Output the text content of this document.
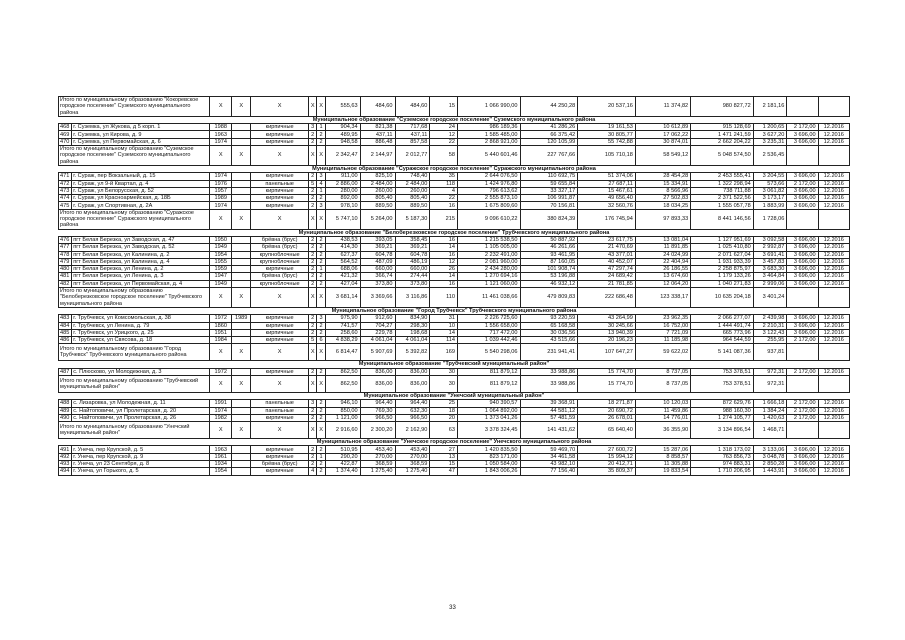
Итого по муниципальному образованию "Кокоревское городское поселение" Суземского муниципального района		X	X	X	X	X	555,63	484,60	484,60	15	1 066 990,00	44 250,28	20 537,16	11 374,82	980 827,72	2 181,16		
Муниципальное образование "Суземское городское поселение" Суземского муниципального района																		
468	г. Суземка, ул Жукова, д 5 корп. 1	1988		кирпичные	3	1	904,34	821,38	717,68	24	986 189,36	41 286,26	19 161,53	10 612,89	915 128,69	1 200,65	2 172,00	12.2016
469	г. Суземка, ул Кирова, д. 9	1963		кирпичные	2	2	489,95	437,11	437,11	12	1 585 485,00	66 375,42	30 805,77	17 062,22	1 471 241,59	3 627,20	3 696,00	12.2016
470	г. Суземка, ул Первомайская, д. 6	1974		кирпичные	2	2	948,58	886,48	857,58	22	2 868 921,00	120 105,99	55 742,88	30 874,01	2 662 204,22	3 235,31	3 696,00	12.2016
Итого по муниципальному образованию "Суземское городское поселение" Суземского муниципального района		X	X	X	X	X	2 342,47	2 144,97	2 012,77	58	5 440 601,46	227 767,66	105 710,18	58 549,12	5 048 574,50	2 536,45		
Муниципальное образование "Суражское городское поселение" Суражского муниципального района																		
471	г. Сураж, пер Вокзальный, д. 15	1974		кирпичные	2	3	911,00	825,10	748,40	35	2 644 076,50	110 692,75	51 374,06	28 454,28	2 453 555,41	3 204,55	3 696,00	12.2016
472	г. Сураж, ул 9-й Квартал, д. 4	1976		панельные	5	4	2 886,00	2 484,00	2 484,00	118	1 424 976,80	59 655,84	27 687,11	15 334,91	1 322 298,94	573,66	2 172,00	12.2016
473	г. Сураж, ул Белорусская, д. 52	1957		кирпичные	2	1	280,00	260,00	260,00	4	796 613,62	33 327,17	15 467,61	8 566,96	738 711,88	3 061,82	3 696,00	12.2016
474	г. Сураж, ул Красноармейская, д. 18Б	1989		кирпичные	2	2	892,00	805,40	805,40	22	2 555 873,10	106 991,87	49 656,40	27 502,83	2 371 522,56	3 173,17	3 696,00	12.2016
475	г. Сураж, ул Спортивная, д. 2А	1974		кирпичные	2	3	978,10	889,50	889,50	16	1 675 809,60	70 156,81	32 560,76	18 034,25	1 555 057,78	1 883,99	3 696,00	12.2016
Итого по муниципальному образованию "Суражское городское поселение" Суражского муниципального района		X	X	X	X	X	5 747,10	5 264,00	5 187,30	215	9 096 610,22	380 824,39	176 745,94	97 893,33	8 441 146,56	1 728,06		
Муниципальное образование "Белоберезковское городское поселение" Трубчевского муниципального района																		
476	пгт Белая Березка, ул Заводская, д. 47	1950		брёвна (брус)	2	2	438,53	393,05	358,45	16	1 215 538,50	50 887,92	23 617,75	13 081,04	1 127 951,69	3 092,58	3 696,00	12.2016
477	пгт Белая Березка, ул Заводская, д. 52	1949		брёвна (брус)	2	2	414,30	369,21	369,21	14	1 105 005,00	46 261,66	21 470,69	11 891,85	1 025 410,80	2 992,87	3 696,00	12.2016
478	пгт Белая Березка, ул Калинина, д. 2	1954		крупноблочные	2	2	627,37	604,78	604,78	16	2 232 491,00	93 461,95	43 377,01	24 024,99	2 071 627,04	3 691,41	3 696,00	12.2016
479	пгт Белая Березка, ул Калинина, д. 4	1955		крупноблочные	2	2	564,52	487,09	486,19	12	2 081 960,00	87 160,05	40 452,07	22 404,94	1 931 933,39	3 457,83	3 696,00	12.2016
480	пгт Белая Березка, ул Ленина, д. 2	1959		кирпичные	2	1	688,06	660,00	660,00	26	2 434 280,00	101 908,74	47 297,74	26 186,55	2 258 875,97	3 683,30	3 696,00	12.2016
481	пгт Белая Березка, ул Ленина, д. 3	1947		брёвна (брус)	2	2	421,32	366,74	274,44	14	1 270 694,16	53 196,88	24 689,42	13 674,60	1 179 133,26	3 464,84	3 696,00	12.2016
482	пгт Белая Березка, ул Первомайская, д. 4	1949		крупноблочные	2	2	427,04	373,80	373,80	16	1 121 060,00	46 932,12	21 781,85	12 064,20	1 040 271,83	2 999,06	3 696,00	12.2016
Итого по муниципальному образованию "Белоберезковское городское поселение" Трубчевского муниципального района		X	X	X	X	X	3 681,14	3 369,66	3 116,86	110	11 461 038,66	479 809,83	222 686,48	123 338,17	10 635 204,18	3 401,24		
Муниципальное образование "Город Трубчевск" Трубчевского муниципального района																		
483	г. Трубчевск, ул Комсомольская, д. 38	1972	1989	кирпичные	2	3	975,90	912,60	834,90	31	2 226 725,60	93 220,59	43 264,99	23 962,35	2 066 277,07	2 439,98	3 696,00	12.2016
484	г. Трубчевск, ул Ленина, д. 79	1860		кирпичные	2	2	741,57	704,27	298,30	10	1 556 658,00	65 168,58	30 245,66	16 752,00	1 444 491,74	2 210,31	3 696,00	12.2016
485	г. Трубчевск, ул Урицкого, д. 25	1951		кирпичные	2	2	258,60	229,78	198,68	14	717 472,00	30 036,56	13 940,39	7 721,09	665 773,96	3 122,43	3 696,00	12.2016
486	г. Трубчевск, ул Свясова, д. 18	1984		кирпичные	5	6	4 838,29	4 061,04	4 061,04	114	1 039 442,46	43 515,66	20 196,23	11 185,98	964 544,59	255,95	2 172,00	12.2016
Итого по муниципальному образованию "Город Трубчевск" Трубчевского муниципального района		X	X	X	X	X	6 814,47	5 907,69	5 392,82	169	5 540 298,06	231 941,41	107 647,27	59 622,02	5 141 087,36	937,81		
Муниципальное образование "Трубчевский муниципальный район"																		
487	с. Плюсково, ул Молодежная, д. 3	1972		кирпичные	2	2	862,50	836,00	836,00	30	811 879,12	33 988,86	15 774,70	8 737,05	753 378,51	972,31	2 172,00	12.2016
Итого по муниципальному образованию "Трубчевский муниципальный район"		X	X	X	X	X	862,50	836,00	836,00	30	811 879,12	33 988,86	15 774,70	8 737,05	753 378,51	972,31		
Муниципальное образование "Унечский муниципальный район"																		
488	с. Лизаровка, ул Молодежная, д. 11	1991		панельные	3	2	946,10	964,40	964,40	25	940 390,57	39 368,91	18 271,87	10 120,03	872 629,76	1 666,18	2 172,00	12.2016
489	с. Найтоповичи, ул Пролетарская, д. 20	1974		панельные	2	2	850,00	769,30	632,30	18	1 064 892,00	44 581,12	20 690,72	11 459,86	988 160,30	1 384,24	2 172,00	12.2016
490	с. Найтоповичи, ул Пролетарская, д. 26	1982		кирпичные	2	2	1 121,00	966,50	966,50	20	1 373 041,26	57 481,59	26 678,01	14 776,01	1 274 105,77	1 420,63	2 172,00	12.2016
Итого по муниципальному образованию "Унечский муниципальный район"		X	X	X	X	X	2 916,60	2 300,20	2 162,90	63	3 378 324,45	141 431,62	65 640,40	36 355,90	3 134 896,54	1 468,71		
Муниципальное образование "Унечское городское поселение" Унечского муниципального района																		
491	г. Унеча, пер Крупской, д. 5	1963		кирпичные	2	2	510,95	453,40	453,40	27	1 420 835,50	59 469,70	27 600,72	15 287,06	1 318 173,02	3 133,06	3 696,00	12.2016
492	г. Унеча, пер Крупской, д. 9	1961		кирпичные	2	1	290,20	270,00	270,00	13	823 171,00	34 461,58	15 994,12	8 858,57	763 856,73	3 048,78	3 696,00	12.2016
493	г. Унеча, ул 23 Сентября, д. 8	1934		брёвна (брус)	2	2	422,87	368,59	368,59	15	1 050 584,00	43 982,10	20 412,71	11 305,88	974 883,31	2 850,28	3 696,00	12.2016
494	г. Унеча, ул Горького, д. 5	1954		кирпичные	4	2	1 374,40	1 275,40	1 275,40	47	1 843 006,26	77 156,40	35 809,37	19 833,54	1 710 206,95	1 443,91	3 696,00	12.2016
33
